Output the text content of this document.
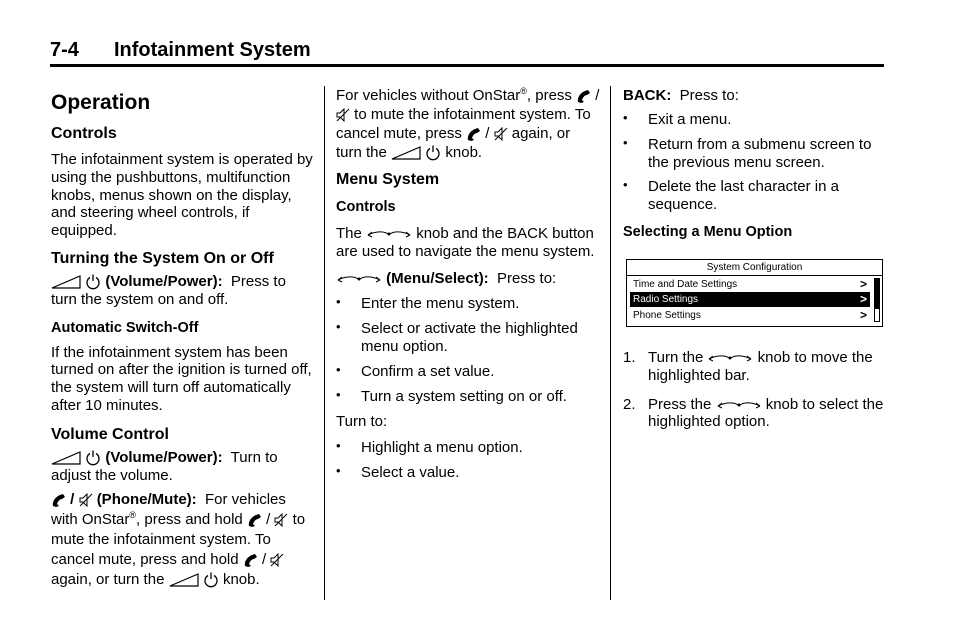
7-4 Infotainment System

Operation

Controls

The infotainment system is operated by using the pushbuttons, multifunction knobs, menus shown on the display, and steering wheel controls, if equipped.

Turning the System On or Off

(Volume/Power): Press to turn the system on and off.

Automatic Switch-Off

If the infotainment system has been turned on after the ignition is turned off, the system will turn off automatically after 10 minutes.

Volume Control

(Volume/Power): Turn to adjust the volume.

/ (Phone/Mute): For vehicles with OnStar®, press and hold / to mute the infotainment system. To cancel mute, press and hold /
again, or turn the
	knob.

For vehicles without OnStar®, press /
to mute the infotainment system. To cancel mute, press / again, or turn the
	knob.

Menu System

Controls

The	knob and the BACK button are used to navigate the menu system.

(Menu/Select): Press to:

• Enter the menu system.
• Select or activate the highlighted menu option.
• Confirm a set value.
• Turn a system setting on or off.

Turn to:

• Highlight a menu option.
• Select a value.

BACK: Press to:

• Exit a menu.
• Return from a submenu screen to the previous menu screen.
• Delete the last character in a sequence.

Selecting a Menu Option

System Configuration
Time and Date Settings	>
Radio Settings	>
Phone Settings	>
1. Turn the	knob to move the highlighted bar.
2. Press the	knob to select the highlighted option.
